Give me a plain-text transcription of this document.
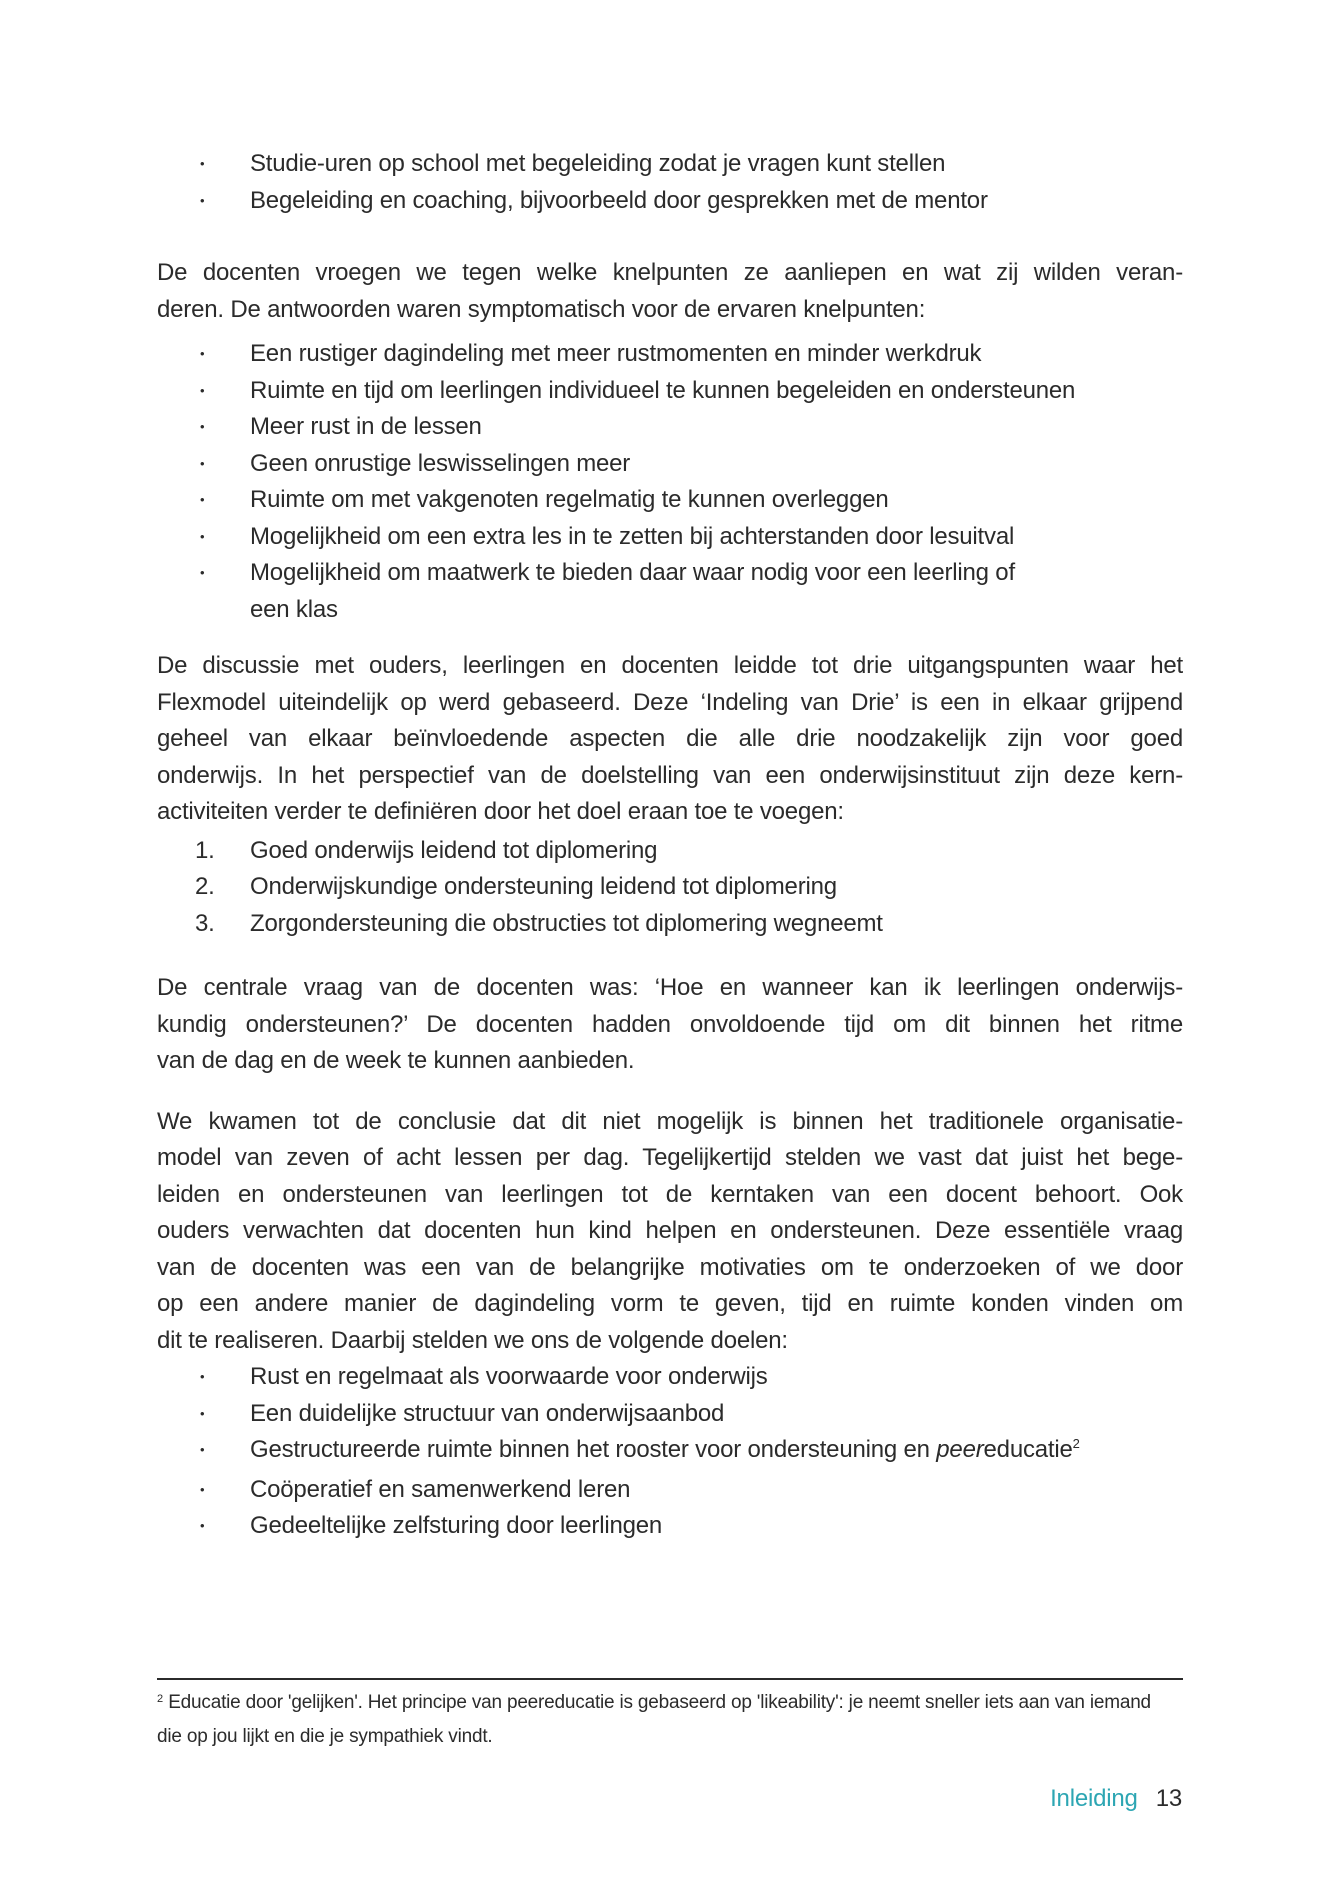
• Studie-uren op school met begeleiding zodat je vragen kunt stellen
• Begeleiding en coaching, bijvoorbeeld door gesprekken met de mentor
De docenten vroegen we tegen welke knelpunten ze aanliepen en wat zij wilden veran-
deren. De antwoorden waren symptomatisch voor de ervaren knelpunten:
• Een rustiger dagindeling met meer rustmomenten en minder werkdruk
• Ruimte en tijd om leerlingen individueel te kunnen begeleiden en ondersteunen
• Meer rust in de lessen
• Geen onrustige leswisselingen meer
• Ruimte om met vakgenoten regelmatig te kunnen overleggen
• Mogelijkheid om een extra les in te zetten bij achterstanden door lesuitval
• Mogelijkheid om maatwerk te bieden daar waar nodig voor een leerling of
een klas
De discussie met ouders, leerlingen en docenten leidde tot drie uitgangspunten waar het
Flexmodel uiteindelijk op werd gebaseerd. Deze ‘Indeling van Drie’ is een in elkaar grijpend
geheel van elkaar beïnvloedende aspecten die alle drie noodzakelijk zijn voor goed
onderwijs. In het perspectief van de doelstelling van een onderwijsinstituut zijn deze kern-
activiteiten verder te definiëren door het doel eraan toe te voegen:
1. Goed onderwijs leidend tot diplomering
2. Onderwijskundige ondersteuning leidend tot diplomering
3. Zorgondersteuning die obstructies tot diplomering wegneemt
De centrale vraag van de docenten was: ‘Hoe en wanneer kan ik leerlingen onderwijs-
kundig ondersteunen?’ De docenten hadden onvoldoende tijd om dit binnen het ritme
van de dag en de week te kunnen aanbieden.
We kwamen tot de conclusie dat dit niet mogelijk is binnen het traditionele organisatie-
model van zeven of acht lessen per dag. Tegelijkertijd stelden we vast dat juist het bege-
leiden en ondersteunen van leerlingen tot de kerntaken van een docent behoort. Ook
ouders verwachten dat docenten hun kind helpen en ondersteunen. Deze essentiële vraag
van de docenten was een van de belangrijke motivaties om te onderzoeken of we door
op een andere manier de dagindeling vorm te geven, tijd en ruimte konden vinden om
dit te realiseren. Daarbij stelden we ons de volgende doelen:
• Rust en regelmaat als voorwaarde voor onderwijs
• Een duidelijke structuur van onderwijsaanbod
• Gestructureerde ruimte binnen het rooster voor ondersteuning en peereducatie$^2$
• Coöperatief en samenwerkend leren
• Gedeeltelijke zelfsturing door leerlingen
$^2$ Educatie door 'gelijken'. Het principe van peereducatie is gebaseerd op 'likeability': je neemt sneller iets aan van iemand
die op jou lijkt en die je sympathiek vindt.
Inleiding 13
